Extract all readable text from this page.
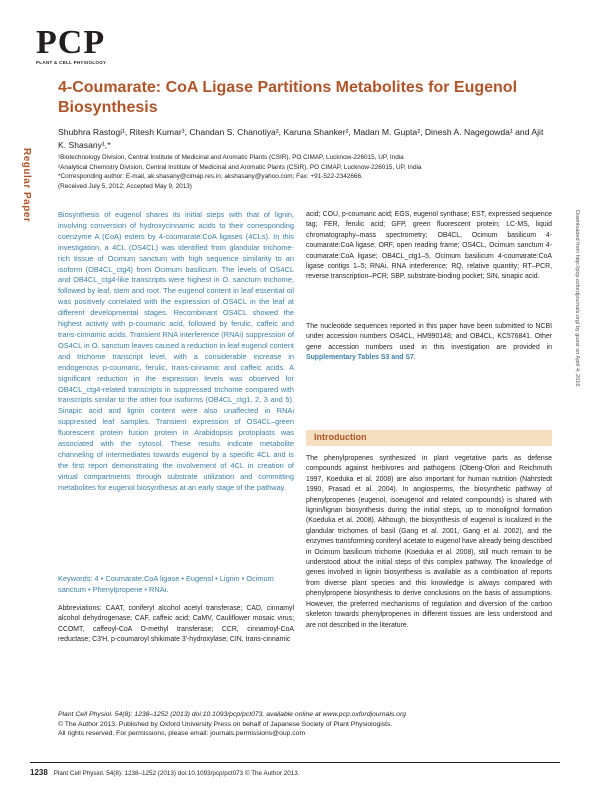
PCP
PLANT & CELL PHYSIOLOGY
Regular Paper
Downloaded from http://pcp.oxfordjournals.org/ by guest on April 4, 2016
4-Coumarate: CoA Ligase Partitions Metabolites for Eugenol Biosynthesis
Shubhra Rastogi¹, Ritesh Kumar¹, Chandan S. Chanotiya², Karuna Shanker², Madan M. Gupta², Dinesh A. Nagegowda¹ and Ajit K. Shasany¹,*
¹Biotechnology Division, Central Institute of Medicinal and Aromatic Plants (CSIR), PO CIMAP, Lucknow-226015, UP, India
²Analytical Chemistry Division, Central Institute of Medicinal and Aromatic Plants (CSIR), PO CIMAP, Lucknow-226015, UP, India
*Corresponding author: E-mail, ak.shasany@cimap.res.in; akshasany@yahoo.com; Fax: +91-522-2342666.
(Received July 5, 2012; Accepted May 9, 2013)
Biosynthesis of eugenol shares its initial steps with that of lignin, involving conversion of hydroxycinnamic acids to their corresponding coenzyme A (CoA) esters by 4-coumarate:CoA ligases (4CLs). In this investigation, a 4CL (OS4CL) was identified from glandular trichome-rich tissue of Ocimum sanctum with high sequence similarity to an isoform (OB4CL_ctg4) from Ocimum basilicum. The levels of OS4CL and OB4CL_ctg4-like transcripts were highest in O. sanctum trichome, followed by leaf, stem and root. The eugenol content in leaf essential oil was positively correlated with the expression of OS4CL in the leaf at different developmental stages. Recombinant OS4CL showed the highest activity with p-coumaric acid, followed by ferulic, caffeic and trans-cinnamic acids. Transient RNA interference (RNAi) suppression of OS4CL in O. sanctum leaves caused a reduction in leaf eugenol content and trichome transcript level, with a considerable increase in endogenous p-coumaric, ferulic, trans-cinnamic and caffeic acids. A significant reduction in the expression levels was observed for OB4CL_ctg4-related transcripts in suppressed trichome compared with transcripts similar to the other four isoforms (OB4CL_ctg1, 2, 3 and 5). Sinapic acid and lignin content were also unaffected in RNAi suppressed leaf samples. Transient expression of OS4CL–green fluorescent protein fusion protein in Arabidopsis protoplasts was associated with the cytosol. These results indicate metabolite channeling of intermediates towards eugenol by a specific 4CL and is the first report demonstrating the involvement of 4CL in creation of virtual compartments through substrate utilization and committing metabolites for eugenol biosynthesis at an early stage of the pathway.
Keywords: 4 • Coumarate:CoA ligase • Eugenol • Lignin • Ocimum sanctum • Phenylpropene • RNAi.
Abbreviations: CAAT, coniferyl alcohol acetyl transferase; CAD, cinnamyl alcohol dehydrogenase; CAF, caffeic acid; CaMV, Cauliflower mosaic virus; CCOMT, caffeoyl-CoA O-methyl transferase; CCR, cinnamoyl-CoA reductase; C3′H, p-coumaroyl shikimate 3′-hydroxylase; CIN, trans-cinnamic
acid; COU, p-coumaric acid; EGS, eugenol synthase; EST, expressed sequence tag; FER, ferulic acid; GFP, green fluorescent protein; LC-MS, liquid chromatography–mass spectrometry; OB4CL, Ocimum basilicum 4-coumarate:CoA ligase; ORF, open reading frame; OS4CL, Ocimum sanctum 4-coumarate:CoA ligase; OB4CL_ctg1–5, Ocimum basilicum 4-coumarate:CoA ligase contigs 1–5; RNAi, RNA interference; RQ, relative quantity; RT–PCR, reverse transcription–PCR; SBP, substrate-binding pocket; SIN, sinapic acid.
The nucleotide sequences reported in this paper have been submitted to NCBI under accession numbers OS4CL, HM990148; and OB4CL, KC576841. Other gene accession numbers used in this investigation are provided in Supplementary Tables S3 and S7.
Introduction
The phenylpropenes synthesized in plant vegetative parts as defense compounds against herbivores and pathogens (Obeng-Ofori and Reichmuth 1997, Koeduka et al. 2008) are also important for human nutrition (Nahrstedt 1990, Prasad et al. 2004). In angiosperms, the biosynthetic pathway of phenylpropenes (eugenol, isoeugenol and related compounds) is shared with lignin/lignan biosynthesis during the initial steps, up to monolignol formation (Koeduka et al. 2008). Although, the biosynthesis of eugenol is localized in the glandular trichomes of basil (Gang et al. 2001, Gang et al. 2002), and the enzymes transforming coniferyl acetate to eugenol have already being described in Ocimum basilicum trichome (Koeduka et al. 2008), still much remain to be understood about the initial steps of this complex pathway. The knowledge of genes involved in lignin biosynthesis is available as a combination of reports from diverse plant species and this knowledge is always compared with phenylpropene biosynthesis to derive conclusions on the basis of assumptions. However, the preferred mechanisms of regulation and diversion of the carbon skeleton towards phenylpropenes in different tissues are less understood and are not described in the literature.
Plant Cell Physiol. 54(8): 1238–1252 (2013) doi:10.1093/pcp/pct073, available online at www.pcp.oxfordjournals.org
© The Author 2013. Published by Oxford University Press on behalf of Japanese Society of Plant Physiologists.
All rights reserved. For permissions, please email: journals.permissions@oup.com
1238 Plant Cell Physiol. 54(8): 1238–1252 (2013) doi:10.1093/pcp/pct073 © The Author 2013.
